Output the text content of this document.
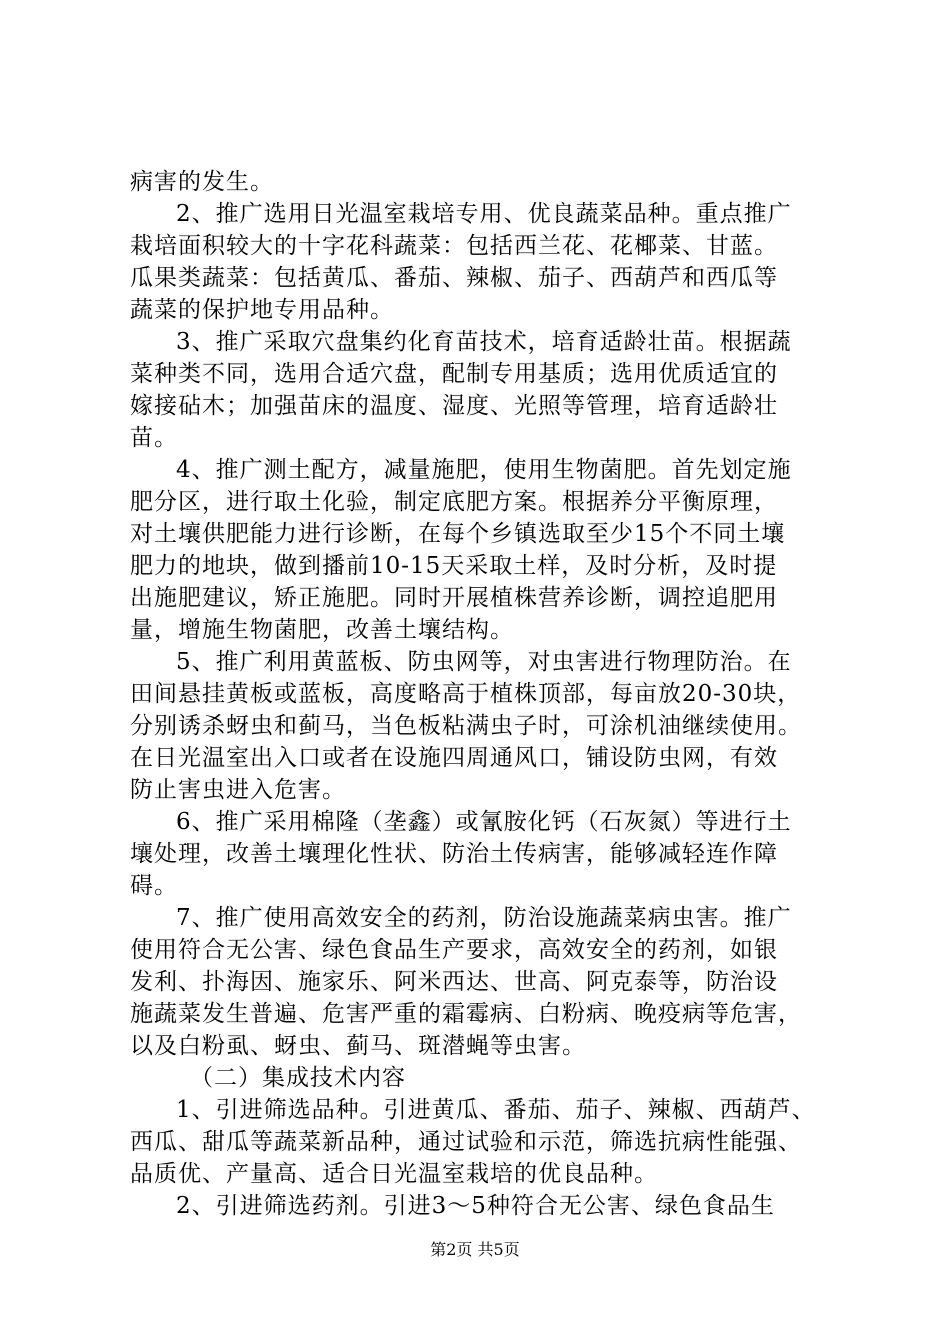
病害的发生。
2、推广选用日光温室栽培专用、优良蔬菜品种。重点推广
栽培面积较大的十字花科蔬菜：包括西兰花、花椰菜、甘蓝。
瓜果类蔬菜：包括黄瓜、番茄、辣椒、茄子、西葫芦和西瓜等
蔬菜的保护地专用品种。
3、推广采取穴盘集约化育苗技术，培育适龄壮苗。根据蔬
菜种类不同，选用合适穴盘，配制专用基质；选用优质适宜的
嫁接砧木；加强苗床的温度、湿度、光照等管理，培育适龄壮
苗。
4、推广测土配方，减量施肥，使用生物菌肥。首先划定施
肥分区，进行取土化验，制定底肥方案。根据养分平衡原理，
对土壤供肥能力进行诊断，在每个乡镇选取至少15个不同土壤
肥力的地块，做到播前10-15天采取土样，及时分析，及时提
出施肥建议，矫正施肥。同时开展植株营养诊断，调控追肥用
量，增施生物菌肥，改善土壤结构。
5、推广利用黄蓝板、防虫网等，对虫害进行物理防治。在
田间悬挂黄板或蓝板，高度略高于植株顶部，每亩放20-30块，
分别诱杀蚜虫和蓟马，当色板粘满虫子时，可涂机油继续使用。
在日光温室出入口或者在设施四周通风口，铺设防虫网，有效
防止害虫进入危害。
6、推广采用棉隆（垄鑫）或氰胺化钙（石灰氮）等进行土
壤处理，改善土壤理化性状、防治土传病害，能够减轻连作障
碍。
7、推广使用高效安全的药剂，防治设施蔬菜病虫害。推广
使用符合无公害、绿色食品生产要求，高效安全的药剂，如银
发利、扑海因、施家乐、阿米西达、世高、阿克泰等，防治设
施蔬菜发生普遍、危害严重的霜霉病、白粉病、晚疫病等危害，
以及白粉虱、蚜虫、蓟马、斑潜蝇等虫害。
（二）集成技术内容
1、引进筛选品种。引进黄瓜、番茄、茄子、辣椒、西葫芦、
西瓜、甜瓜等蔬菜新品种，通过试验和示范，筛选抗病性能强、
品质优、产量高、适合日光温室栽培的优良品种。
2、引进筛选药剂。引进3～5种符合无公害、绿色食品生
第2页 共5页
